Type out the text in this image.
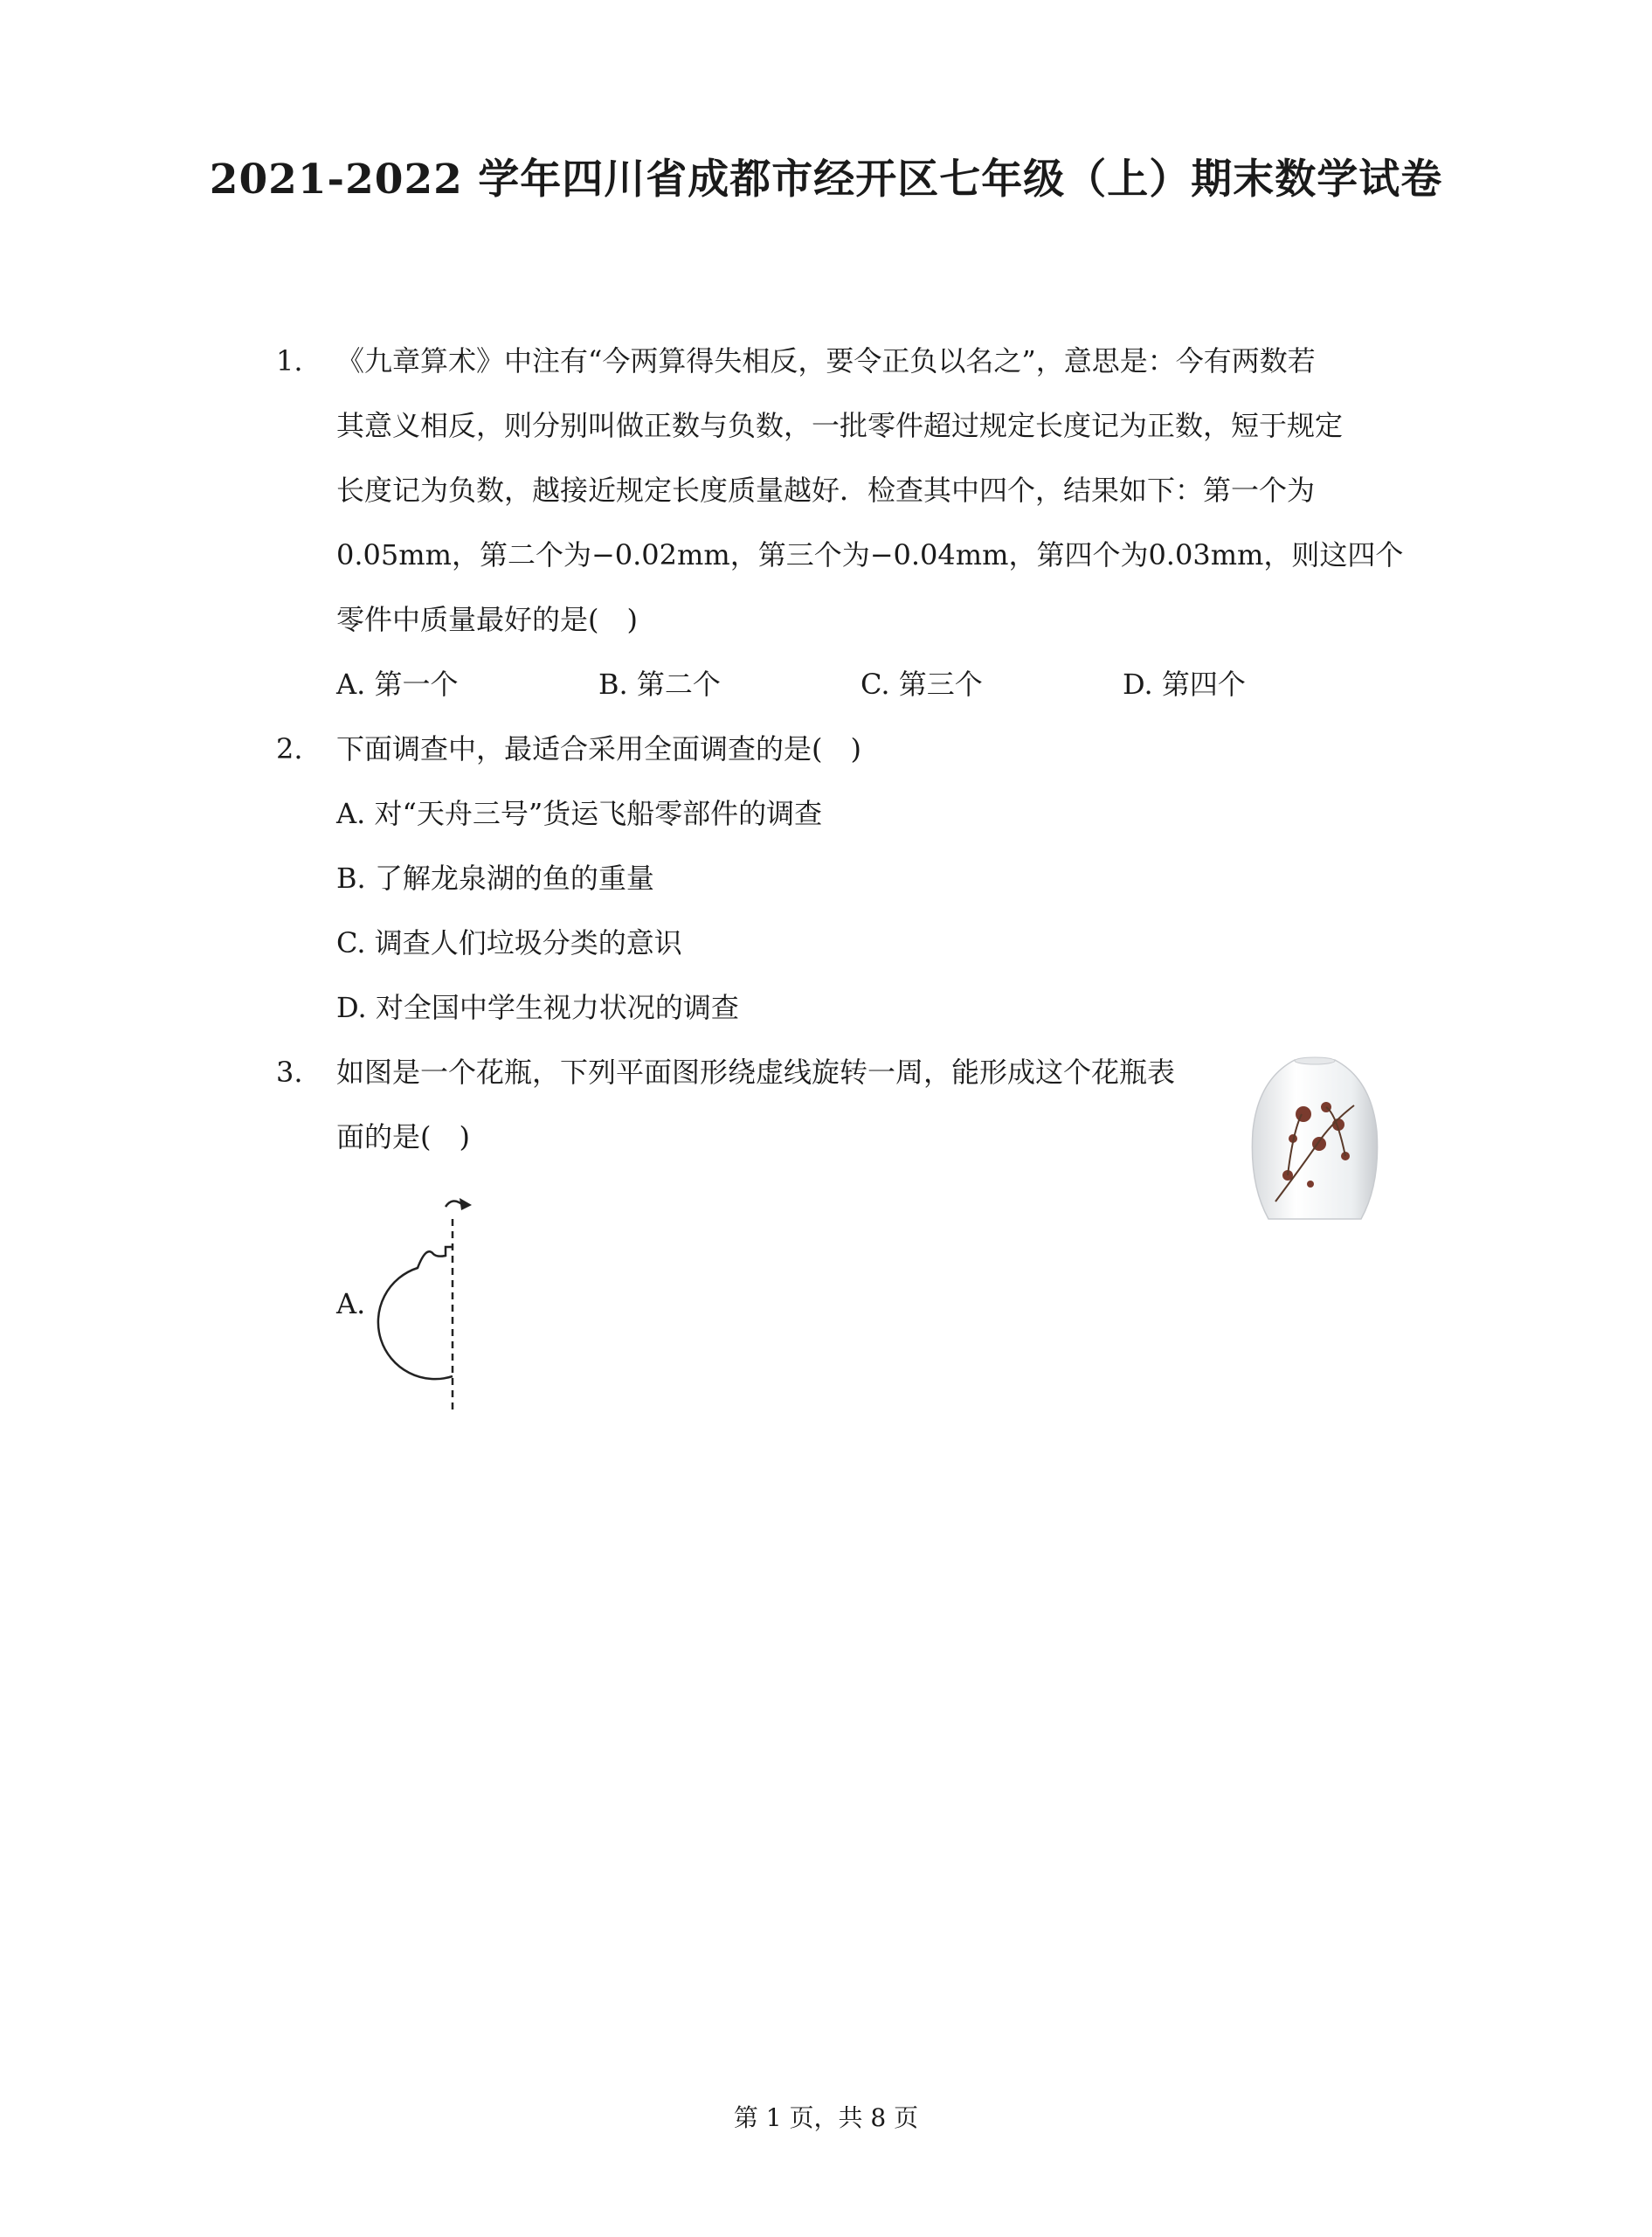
2021-2022 学年四川省成都市经开区七年级（上）期末数学试卷
1. 《九章算术》中注有“今两算得失相反，要令正负以名之”，意思是：今有两数若
其意义相反，则分别叫做正数与负数，一批零件超过规定长度记为正数，短于规定
长度记为负数，越接近规定长度质量越好．检查其中四个，结果如下：第一个为
0.05mm，第二个为−0.02mm，第三个为−0.04mm，第四个为0.03mm，则这四个
零件中质量最好的是(　)
A. 第一个	B. 第二个	C. 第三个	D. 第四个
2. 下面调查中，最适合采用全面调查的是(　)
A. 对“天舟三号”货运飞船零部件的调查
B. 了解龙泉湖的鱼的重量
C. 调查人们垃圾分类的意识
D. 对全国中学生视力状况的调查
3. 如图是一个花瓶，下列平面图形绕虚线旋转一周，能形成这个花瓶表
面的是(　)
A.
第 1 页，共 8 页
